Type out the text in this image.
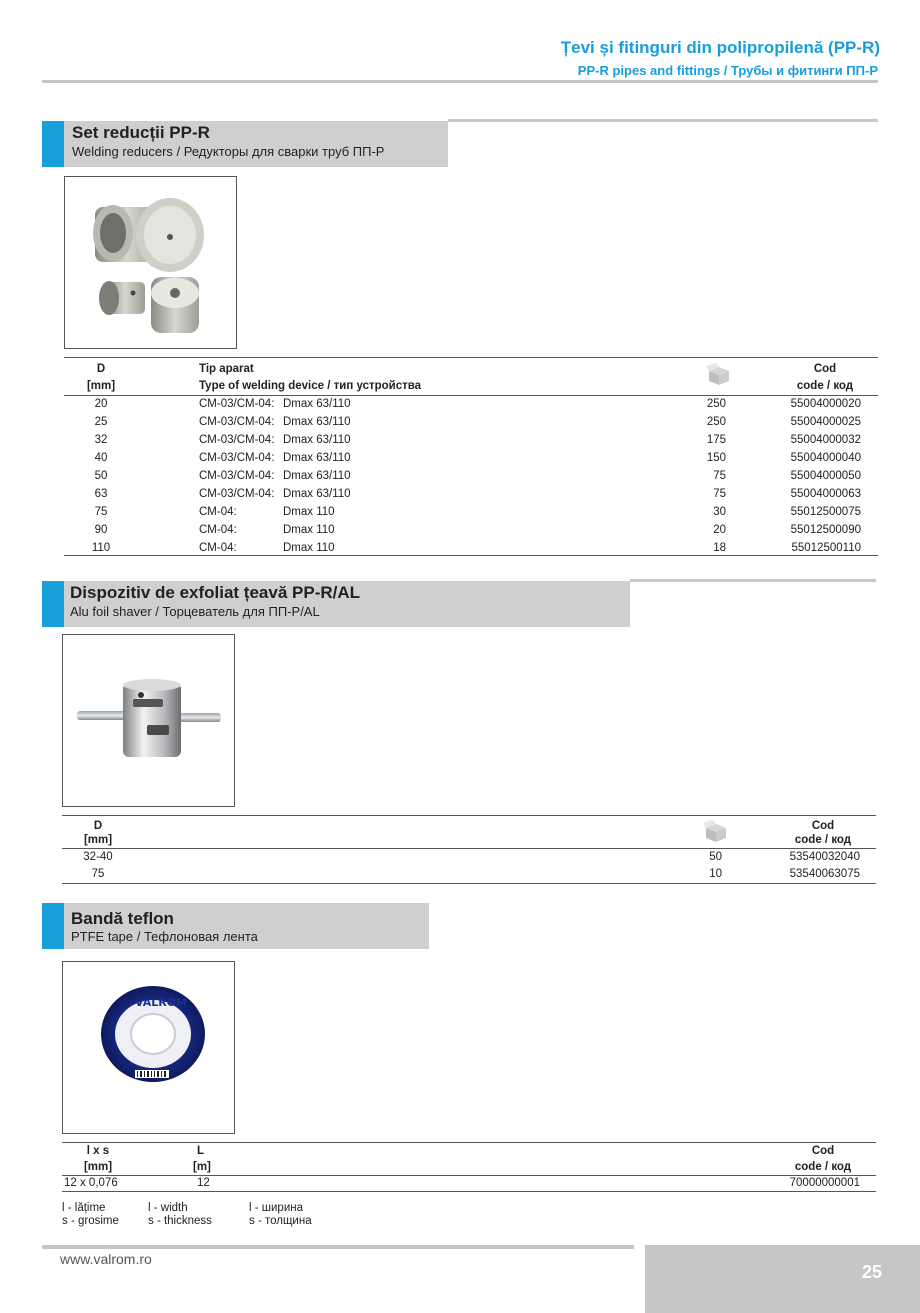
Țevi și fitinguri din polipropilenă (PP-R)
PP-R pipes and fittings / Трубы и фитинги ПП-Р
Set reducții PP-R
Welding reducers / Редукторы для сварки труб ПП-Р
D
[mm]
Tip aparat
Type of welding device / тип устройства
Cod
code / код
20	CM-03/CM-04: Dmax 63/110	250	55004000020
25	CM-03/CM-04: Dmax 63/110	250	55004000025
32	CM-03/CM-04: Dmax 63/110	175	55004000032
40	CM-03/CM-04: Dmax 63/110	150	55004000040
50	CM-03/CM-04: Dmax 63/110	75	55004000050
63	CM-03/CM-04: Dmax 63/110	75	55004000063
75	CM-04:	Dmax 110	30	55012500075
90	CM-04:	Dmax 110	20	55012500090
110	CM-04:	Dmax 110	18	55012500110
Dispozitiv de exfoliat țeavă PP-R/AL
Alu foil shaver / Торцеватель для ПП-Р/AL
D
[mm]
Cod
code / код
32-40	50	53540032040
75	10	53540063075
Bandă teflon
PTFE tape / Тефлоновая лента
VALROM
l x s
[mm]
L
[m]
Cod
code / код
12 x 0,076	12	70000000001
l - lățime	l - width	l - ширина
s - grosime	s - thickness	s - толщина
www.valrom.ro
25
